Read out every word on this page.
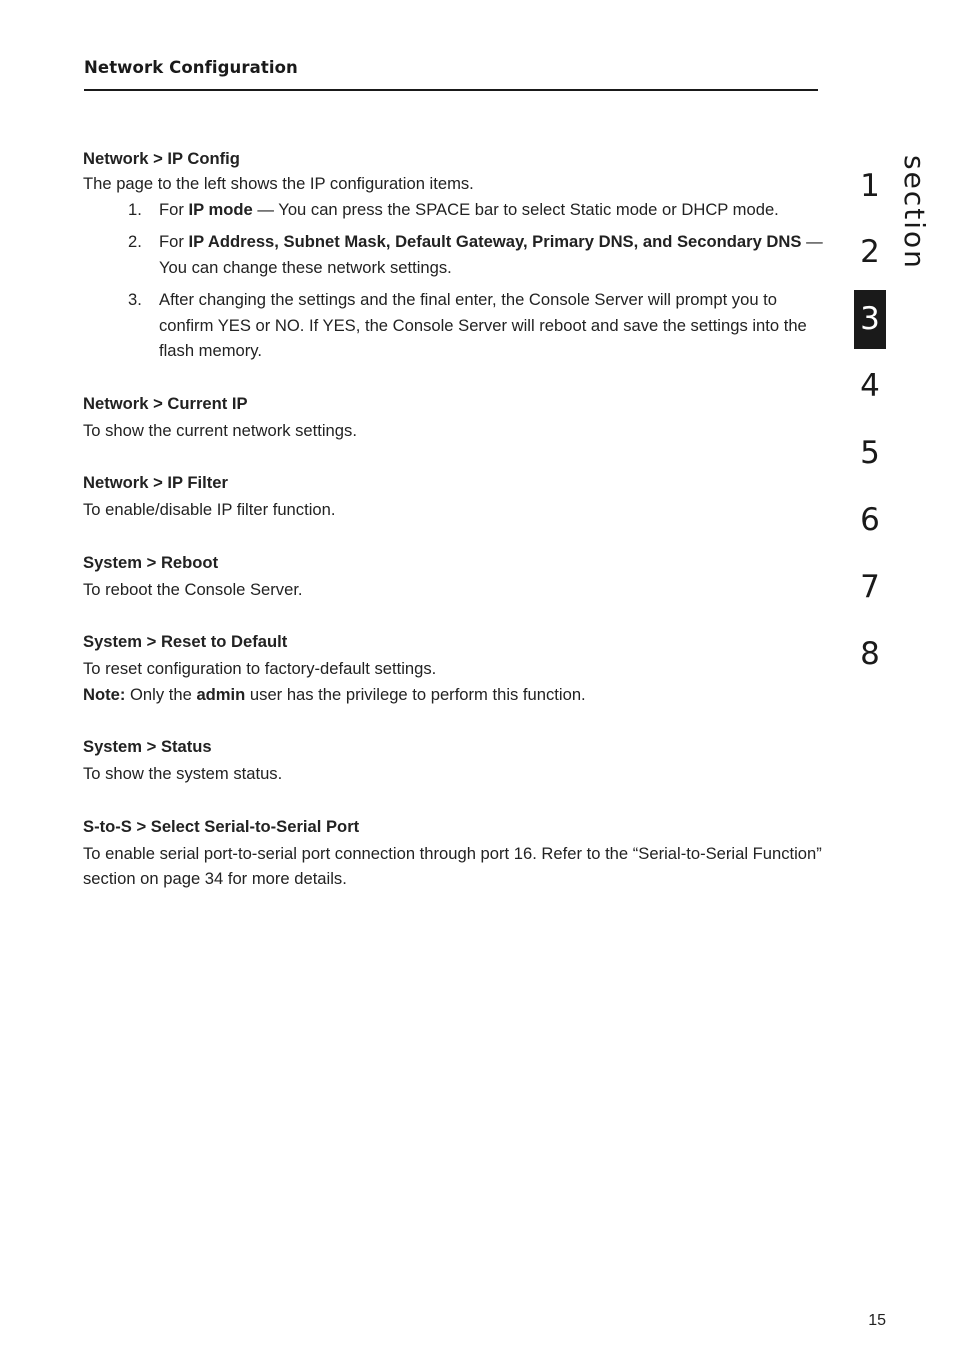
Network Configuration

Network > IP Config

The page to the left shows the IP configuration items.

1. For IP mode — You can press the SPACE bar to select Static mode or DHCP mode.
2. For IP Address, Subnet Mask, Default Gateway, Primary DNS, and Secondary DNS — You can change these network settings.
3. After changing the settings and the final enter, the Console Server will prompt you to confirm YES or NO. If YES, the Console Server will reboot and save the settings into the flash memory.

Network > Current IP

To show the current network settings.

Network > IP Filter

To enable/disable IP filter function.

System > Reboot

To reboot the Console Server.

System > Reset to Default

To reset configuration to factory-default settings.

Note: Only the admin user has the privilege to perform this function.

System > Status

To show the system status.

S-to-S > Select Serial-to-Serial Port

To enable serial port-to-serial port connection through port 16. Refer to the “Serial-to-Serial Function” section on page 34 for more details.

1
2
3
4
5
6
7
8
section
15
